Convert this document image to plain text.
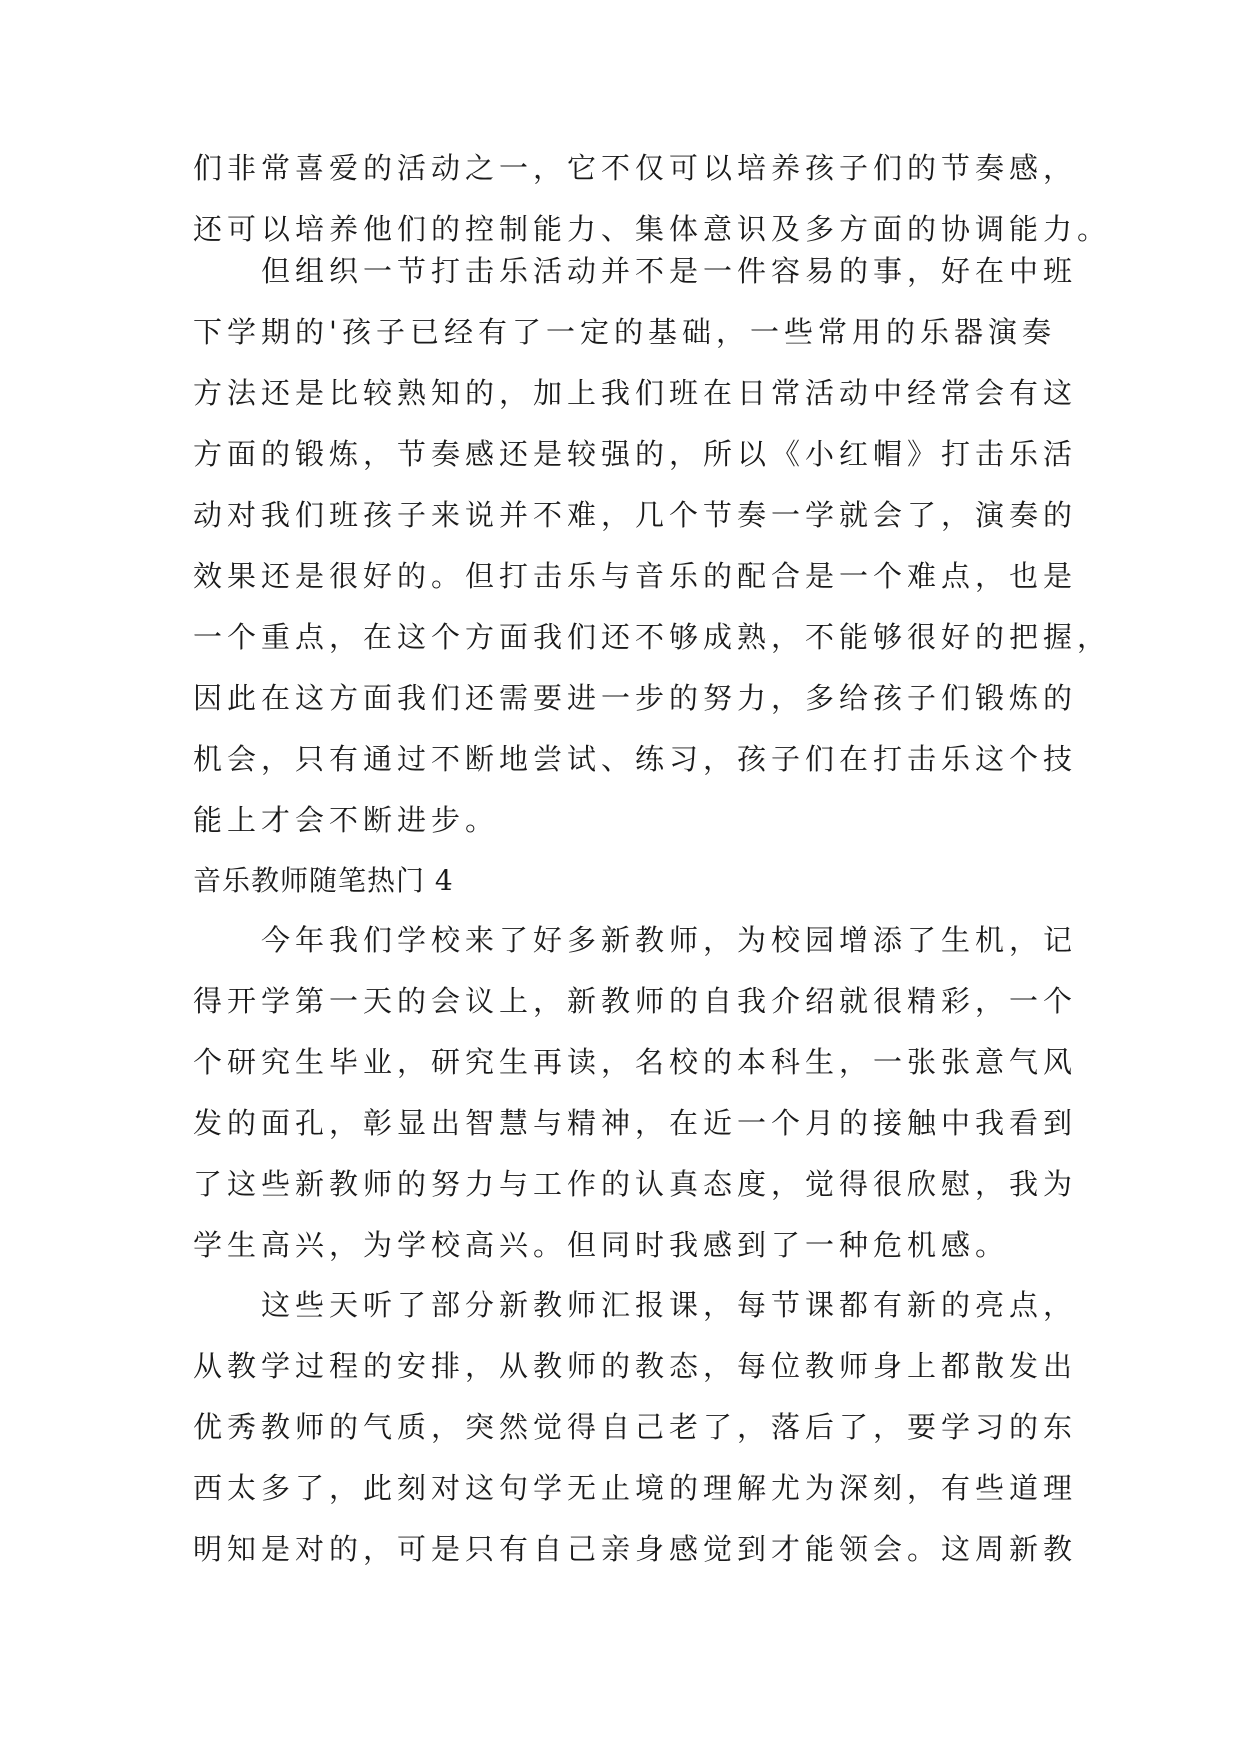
们非常喜爱的活动之一，它不仅可以培养孩子们的节奏感，
还可以培养他们的控制能力、集体意识及多方面的协调能力。
　　但组织一节打击乐活动并不是一件容易的事，好在中班
下学期的'孩子已经有了一定的基础，一些常用的乐器演奏
方法还是比较熟知的，加上我们班在日常活动中经常会有这
方面的锻炼，节奏感还是较强的，所以《小红帽》打击乐活
动对我们班孩子来说并不难，几个节奏一学就会了，演奏的
效果还是很好的。但打击乐与音乐的配合是一个难点，也是
一个重点，在这个方面我们还不够成熟，不能够很好的把握，
因此在这方面我们还需要进一步的努力，多给孩子们锻炼的
机会，只有通过不断地尝试、练习，孩子们在打击乐这个技
能上才会不断进步。
音乐教师随笔热门 4
　　今年我们学校来了好多新教师，为校园增添了生机，记
得开学第一天的会议上，新教师的自我介绍就很精彩，一个
个研究生毕业，研究生再读，名校的本科生，一张张意气风
发的面孔，彰显出智慧与精神，在近一个月的接触中我看到
了这些新教师的努力与工作的认真态度，觉得很欣慰，我为
学生高兴，为学校高兴。但同时我感到了一种危机感。
　　这些天听了部分新教师汇报课，每节课都有新的亮点，
从教学过程的安排，从教师的教态，每位教师身上都散发出
优秀教师的气质，突然觉得自己老了，落后了，要学习的东
西太多了，此刻对这句学无止境的理解尤为深刻，有些道理
明知是对的，可是只有自己亲身感觉到才能领会。这周新教
